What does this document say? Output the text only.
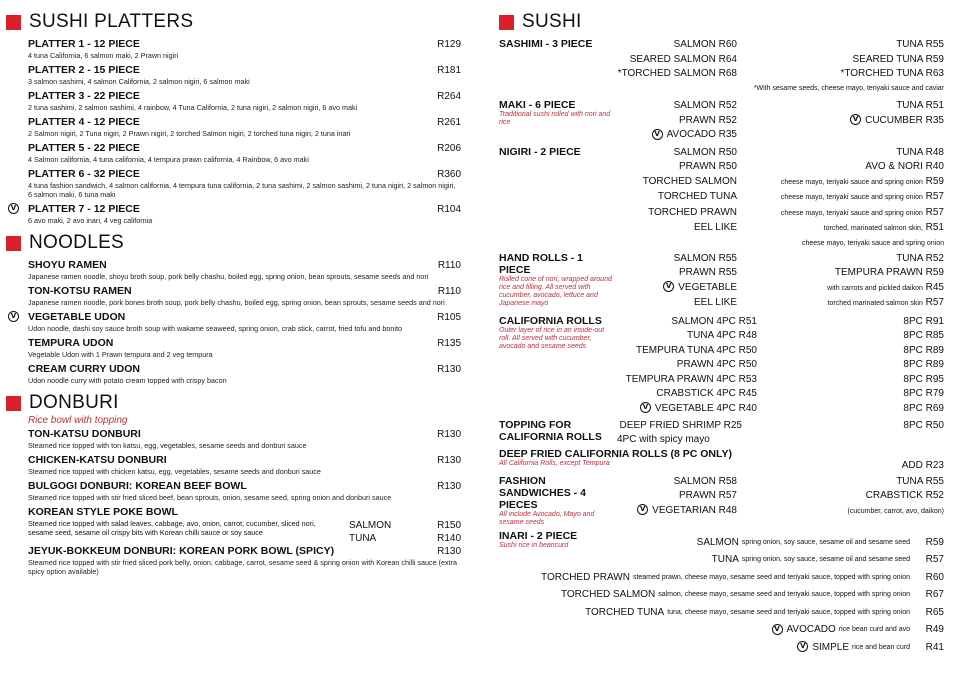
SUSHI PLATTERS
PLATTER 1 - 12 PIECE	R129
4 tuna California, 6 salmon maki, 2 Prawn nigiri
PLATTER 2 - 15 PIECE	R181
3 salmon sashimi, 4 salmon California, 2 salmon nigiri, 6 salmon maki
PLATTER 3 - 22 PIECE	R264
2 tuna sashimi, 2 salmon sashimi, 4 rainbow, 4 Tuna California, 2 tuna nigiri, 2 salmon nigiri, 6 avo maki
PLATTER 4 - 12 PIECE	R261
2 Salmon nigiri, 2 Tuna nigiri, 2 Prawn nigiri, 2 torched Salmon nigiri, 2 torched tuna nigiri, 2 tuna inari
PLATTER 5 - 22 PIECE	R206
4 Salmon california, 4 tuna california, 4 tempura prawn california, 4 Rainbow, 6 avo maki
PLATTER 6 - 32 PIECE	R360
4 tuna fashion sandwich, 4 salmon california, 4 tempura tuna california, 2 tuna sashimi, 2 salmon sashimi, 2 tuna nigiri, 2 salmon nigiri, 6 salmon maki, 6 tuna maki
V PLATTER 7 - 12 PIECE	R104
6 avo maki, 2 avo inari, 4 veg california
NOODLES
SHOYU RAMEN	R110
Japanese ramen noodle, shoyu broth soup, pork belly chashu, boiled egg, spring onion, bean sprouts, sesame seeds and nori
TON-KOTSU RAMEN	R110
Japanese ramen noodle, pork bones broth soup, pork belly chashu, boiled egg, spring onion, bean sprouts, sesame seeds and nori
V VEGETABLE UDON	R105
Udon noodle, dashi soy sauce broth soup with wakame seaweed, spring onion, crab stick, carrot, fried tofu and bonito
TEMPURA UDON	R135
Vegetable Udon with 1 Prawn tempura and 2 veg tempura
CREAM CURRY UDON	R130
Udon noodle curry with potato cream topped with crispy bacon
DONBURI
Rice bowl with topping
TON-KATSU DONBURI	R130
Steamed rice topped with ton katsu, egg, vegetables, sesame seeds and donburi sauce
CHICKEN-KATSU DONBURI	R130
Steamed rice topped with chicken katsu, egg, vegetables, sesame seeds and donburi sauce
BULGOGI DONBURI: KOREAN BEEF BOWL	R130
Steamed rice topped with stir fried sliced beef, bean sprouts, onion, sesame seed, spring onion and donburi sauce
KOREAN STYLE POKE BOWL
Steamed rice topped with salad leaves, cabbage, avo, onion, carrot, cucumber, sliced nori, sesame seed, sesame oil crispy bits with Korean chilli sauce or soy sauce
SALMON	R150
TUNA	R140
JEYUK-BOKKEUM DONBURI: KOREAN PORK BOWL (SPICY)	R130
Steamed rice topped with stir fried sliced pork belly, onion, cabbage, carrot, sesame seed & spring onion with Korean chilli sauce (extra spicy option available)
SUSHI
SASHIMI - 3 PIECE	SALMON R60	TUNA R55
SEARED SALMON R64	SEARED TUNA R59
*TORCHED SALMON R68	*TORCHED TUNA R63
*With sesame seeds, cheese mayo, teriyaki sauce and caviar
MAKI - 6 PIECE
Traditional sushi rolled with nori and rice
SALMON R52	TUNA R51
PRAWN R52	V CUCUMBER R35
V AVOCADO R35
NIGIRI - 2 PIECE	SALMON R50	TUNA R48
PRAWN R50	AVO & NORI R40
TORCHED SALMON	cheese mayo, teriyaki sauce and spring onion R59
TORCHED TUNA	cheese mayo, teriyaki sauce and spring onion R57
TORCHED PRAWN	cheese mayo, teriyaki sauce and spring onion R57
EEL LIKE	torched, marinated salmon skin, R51
cheese mayo, teriyaki sauce and spring onion
HAND ROLLS - 1 PIECE
Rolled cone of nori, wrapped around rice and filling. All served with cucumber, avocado, lettuce and Japanese mayo
SALMON R55	TUNA R52
PRAWN R55	TEMPURA PRAWN R59
V VEGETABLE	with carrots and pickled daikon R45
EEL LIKE	torched marinated salmon skin R57
CALIFORNIA ROLLS
Outer layer of rice in an inside-out roll. All served with cucumber, avocado and sesame seeds
SALMON 4PC R51	8PC R91
TUNA 4PC R48	8PC R85
TEMPURA TUNA 4PC R50	8PC R89
PRAWN 4PC R50	8PC R89
TEMPURA PRAWN 4PC R53	8PC R95
CRABSTICK 4PC R45	8PC R79
V VEGETABLE 4PC R40	8PC R69
TOPPING FOR
CALIFORNIA ROLLS
DEEP FRIED SHRIMP R25	8PC R50
4PC with spicy mayo
DEEP FRIED CALIFORNIA ROLLS (8 PC ONLY)
All California Rolls, except Tempura	ADD R23
FASHION SANDWICHES - 4 PIECES
All include Avocado, Mayo and sesame seeds
SALMON R58	TUNA R55
PRAWN R57	CRABSTICK R52
V VEGETARIAN R48	(cucumber, carrot, avo, daikon)
INARI - 2 PIECE
Sushi rice in beancurd	SALMON spring onion, soy sauce, sesame oil and sesame seed	R59
TUNA spring onion, soy sauce, sesame oil and sesame seed	R57
TORCHED PRAWN steamed prawn, cheese mayo, sesame seed and teriyaki sauce, topped with spring onion	R60
TORCHED SALMON salmon, cheese mayo, sesame seed and teriyaki sauce, topped with spring onion	R67
TORCHED TUNA tuna, cheese mayo, sesame seed and teriyaki sauce, topped with spring onion	R65
V AVOCADO rice bean curd and avo	R49
V SIMPLE rice and bean curd	R41
